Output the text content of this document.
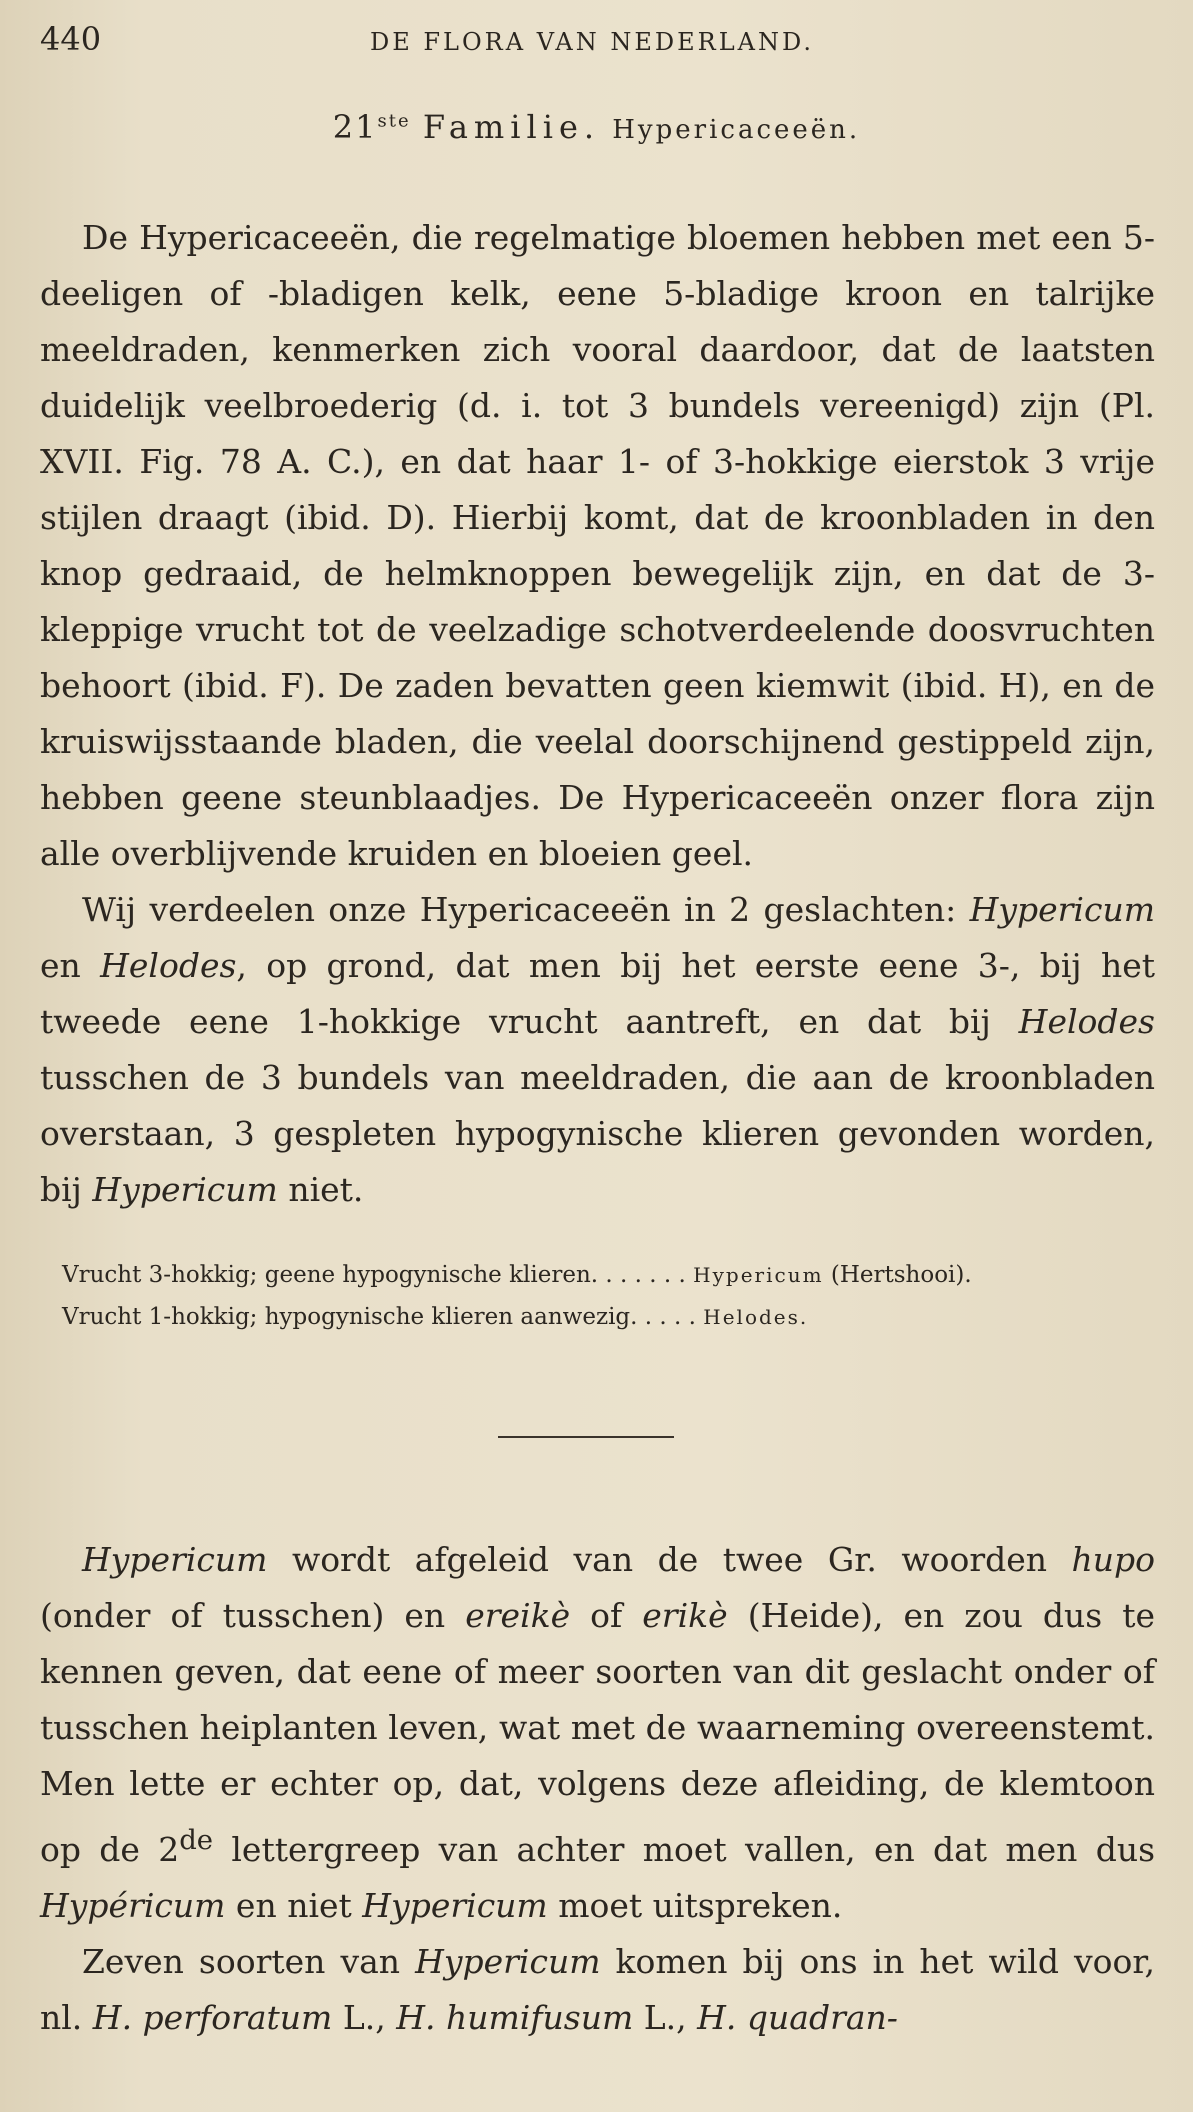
440	DE FLORA VAN NEDERLAND.
21ste Familie. Hypericaceeën.

De Hypericaceeën, die regelmatige bloemen hebben met een 5-deeligen of -bladigen kelk, eene 5-bladige kroon en talrijke meeldraden, kenmerken zich vooral daardoor, dat de laatsten duidelijk veelbroederig (d. i. tot 3 bundels vereenigd) zijn (Pl. XVII. Fig. 78 A. C.), en dat haar 1- of 3-hokkige eierstok 3 vrije stijlen draagt (ibid. D). Hierbij komt, dat de kroonbladen in den knop gedraaid, de helmknoppen bewegelijk zijn, en dat de 3-kleppige vrucht tot de veelzadige schotverdeelende doosvruchten behoort (ibid. F). De zaden bevatten geen kiemwit (ibid. H), en de kruiswijsstaande bladen, die veelal doorschijnend gestippeld zijn, hebben geene steunblaadjes. De Hypericaceeën onzer flora zijn alle overblijvende kruiden en bloeien geel.

Wij verdeelen onze Hypericaceeën in 2 geslachten: Hypericum en Helodes, op grond, dat men bij het eerste eene 3-, bij het tweede eene 1-hokkige vrucht aantreft, en dat bij Helodes tusschen de 3 bundels van meeldraden, die aan de kroonbladen overstaan, 3 gespleten hypogynische klieren gevonden worden, bij Hypericum niet.

Vrucht 3-hokkig; geene hypogynische klieren. . . . . . . Hypericum (Hertshooi).
Vrucht 1-hokkig; hypogynische klieren aanwezig. . . . . Helodes.

Hypericum wordt afgeleid van de twee Gr. woorden hupo (onder of tusschen) en ereikè of erikè (Heide), en zou dus te kennen geven, dat eene of meer soorten van dit geslacht onder of tusschen heiplanten leven, wat met de waarneming overeenstemt. Men lette er echter op, dat, volgens deze afleiding, de klemtoon op de 2de lettergreep van achter moet vallen, en dat men dus Hypéricum en niet Hypericum moet uitspreken.

Zeven soorten van Hypericum komen bij ons in het wild voor, nl. H. perforatum L., H. humifusum L., H. quadran-
